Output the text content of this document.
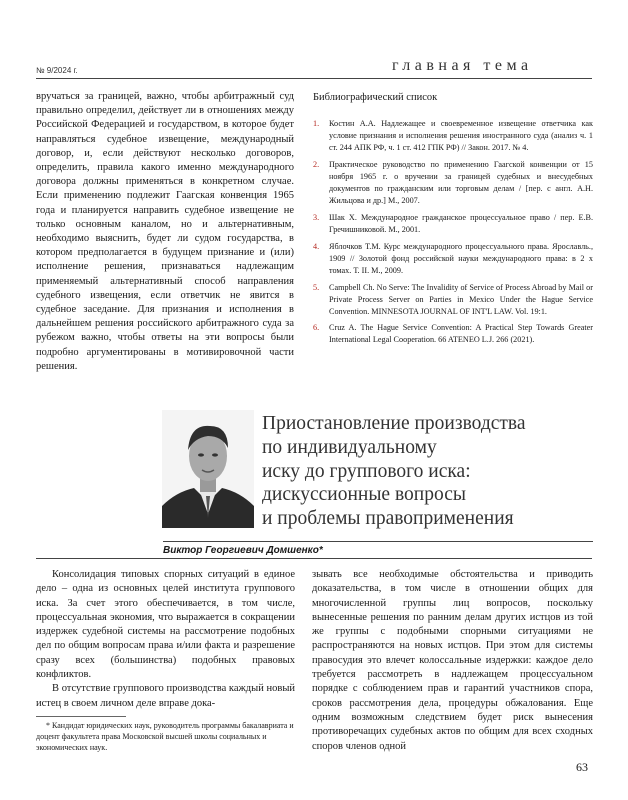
№ 9/2024 г.	главная тема
вручаться за границей, важно, чтобы арбитражный суд правильно определил, действует ли в отношениях между Российской Федерацией и государством, в которое будет направляться судебное извещение, международный договор, и, если действуют несколько договоров, определить, правила какого именно международного договора должны применяться в конкретном случае. Если применению подлежит Гаагская конвенция 1965 года и планируется направить судебное извещение не только основным каналом, но и альтернативным, необходимо выяснить, будет ли судом государства, в котором предполагается в будущем признание и (или) исполнение решения, признаваться надлежащим применяемый альтернативный способ направления судебного извещения, если ответчик не явится в судебное заседание. Для признания и исполнения в дальнейшем решения российского арбитражного суда за рубежом важно, чтобы ответы на эти вопросы были подробно аргументированы в мотивировочной части решения.
Библиографический список
1. Костин А.А. Надлежащее и своевременное извещение ответчика как условие признания и исполнения решения иностранного суда (анализ ч. 1 ст. 244 АПК РФ, ч. 1 ст. 412 ГПК РФ) // Закон. 2017. № 4.
2. Практическое руководство по применению Гаагской конвенции от 15 ноября 1965 г. о вручении за границей судебных и внесудебных документов по гражданским или торговым делам / [пер. с англ. А.Н. Жильцова и др.] М., 2007.
3. Шак Х. Международное гражданское процессуальное право / пер. Е.В. Гречишниковой. М., 2001.
4. Яблочков Т.М. Курс международного процессуального права. Ярославль., 1909 // Золотой фонд российской науки международного права: в 2 х томах. Т. II. М., 2009.
5. Campbell Ch. No Serve: The Invalidity of Service of Process Abroad by Mail or Private Process Server on Parties in Mexico Under the Hague Service Convention. MINNESOTA JOURNAL OF INT'L LAW. Vol. 19:1.
6. Cruz A. The Hague Service Convention: A Practical Step Towards Greater International Legal Cooperation. 66 ATENEO L.J. 266 (2021).
Приостановление производства
по индивидуальному
иску до группового иска:
дискуссионные вопросы
и проблемы правоприменения
Виктор Георгиевич Домшенко*

Консолидация типовых спорных ситуаций в единое дело – одна из основных целей института группового иска. За счет этого обеспечивается, в том числе, процессуальная экономия, что выражается в сокращении издержек судебной системы на рассмотрение подобных дел по общим вопросам права и/или факта и разрешение сразу всех (большинства) подобных правовых конфликтов.

В отсутствие группового производства каждый новый истец в своем личном деле вправе дока-

зывать все необходимые обстоятельства и приводить доказательства, в том числе в отношении общих для многочисленной группы лиц вопросов, поскольку вынесенные решения по ранним делам других истцов из той же группы с подобными спорными ситуациями не распространяются на новых истцов. При этом для системы правосудия это влечет колоссальные издержки: каждое дело требуется рассмотреть в надлежащем процессуальном порядке с соблюдением прав и гарантий участников спора, сроков рассмотрения дела, процедуры обжалования. Еще одним возможным следствием будет риск вынесения противоречащих судебных актов по общим для всех сходных споров членов одной
* Кандидат юридических наук, руководитель программы бакалавриата и доцент факультета права Московской высшей школы социальных и экономических наук.
63
